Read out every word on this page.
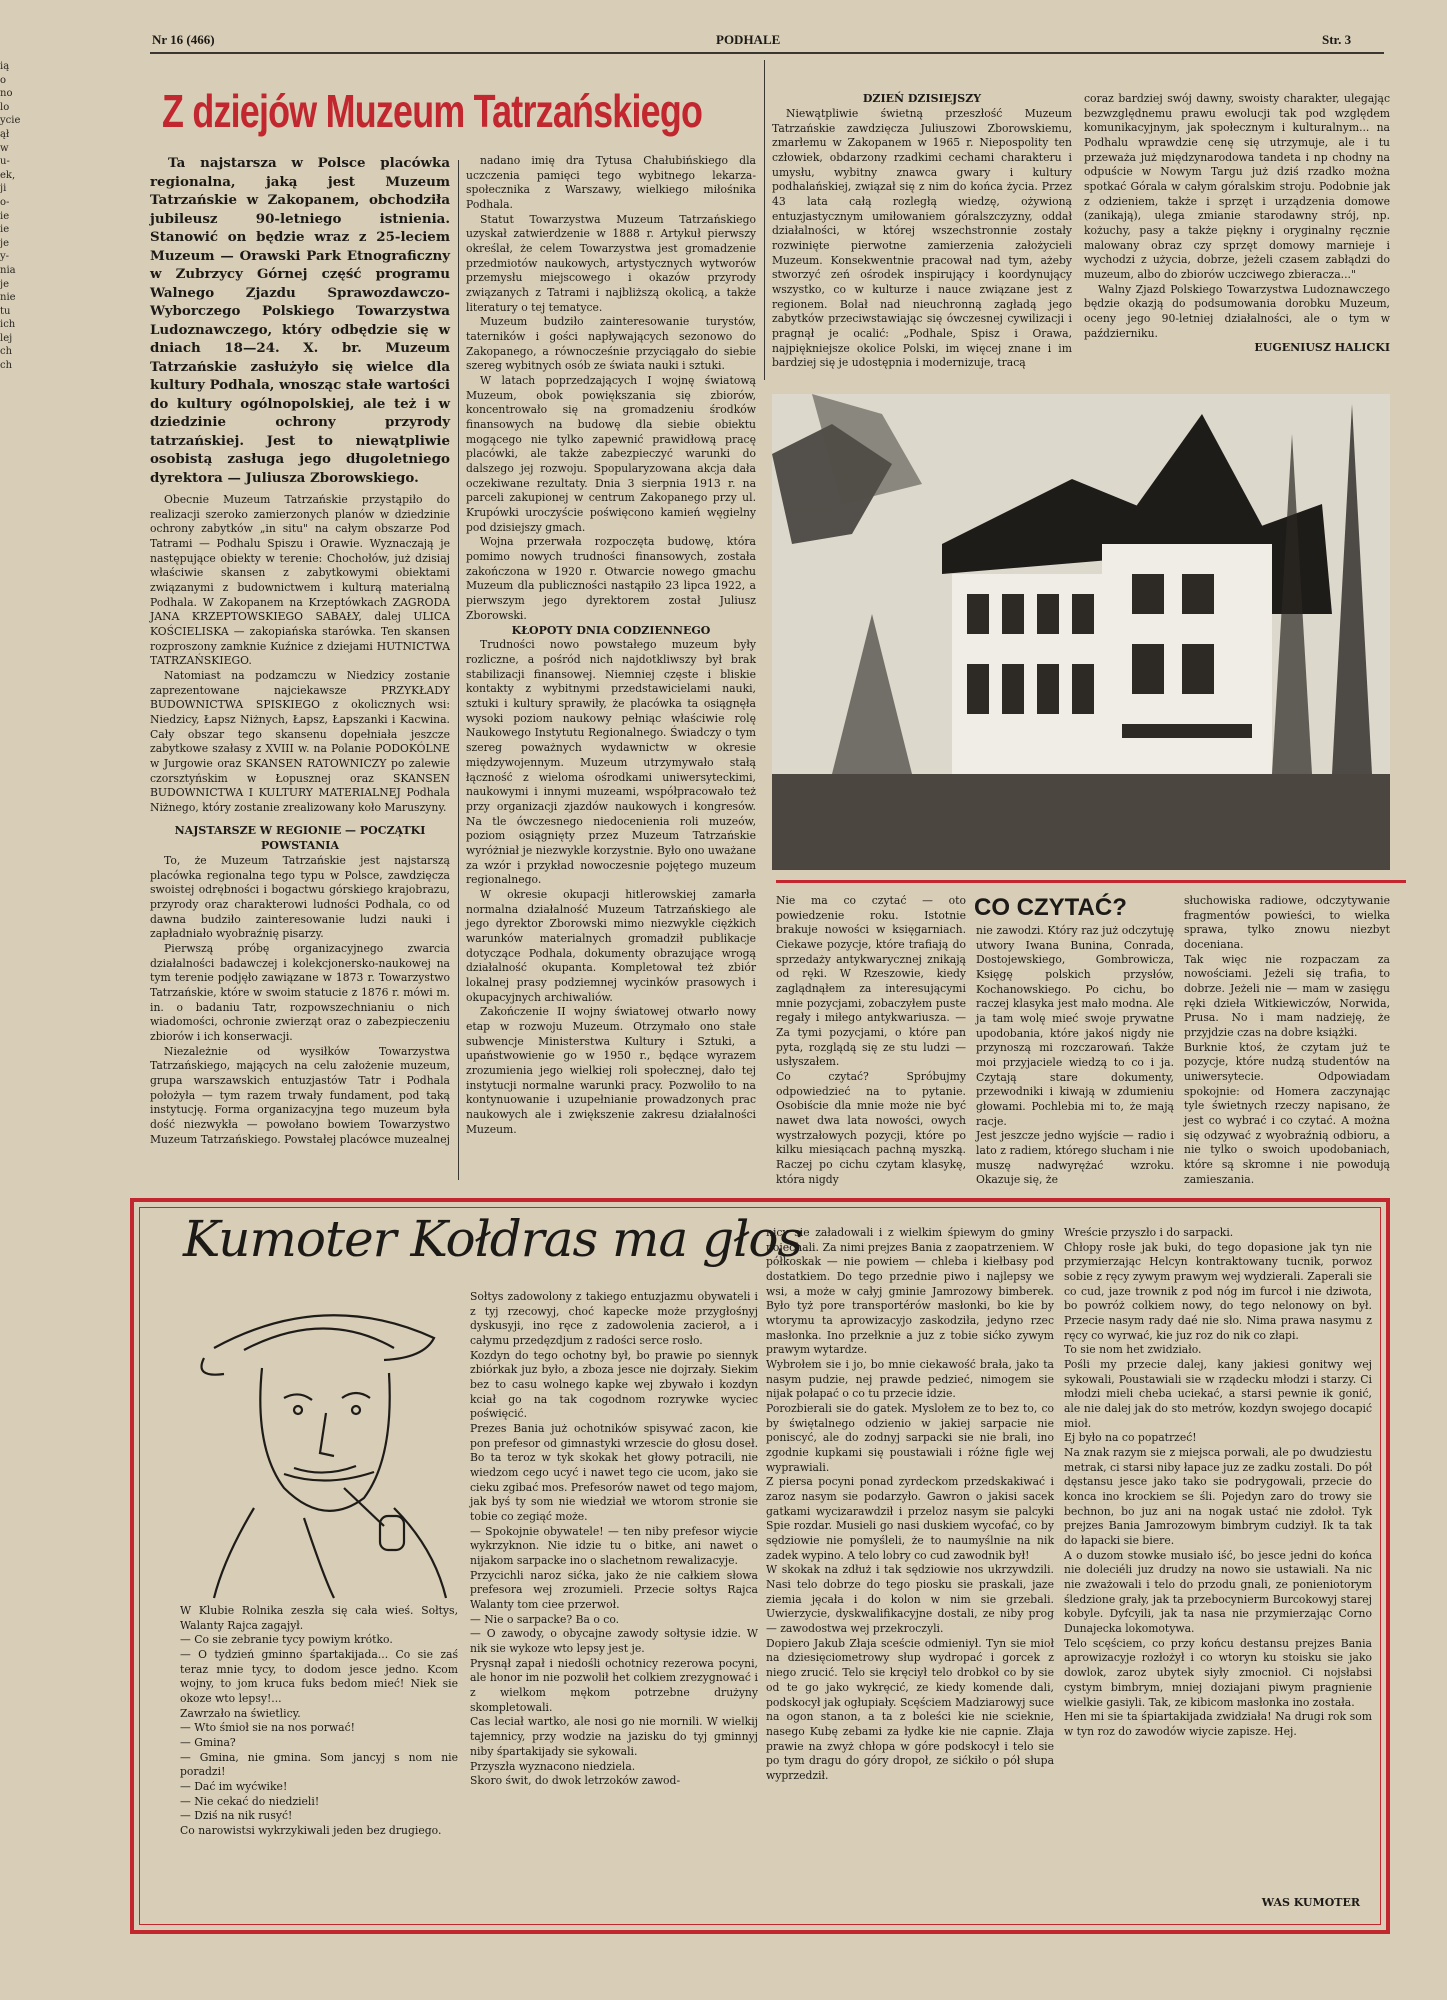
ią
o
no
lo
ycie
ął
w
u-
ek,
ji
o-
ie
ie
je
y-
nia
je
nie
tu
ich
lej
ch
ch
Nr 16 (466)	PODHALE	Str. 3
Z dziejów Muzeum Tatrzańskiego

Ta najstarsza w Polsce placówka regionalna, jaką jest Muzeum Tatrzańskie w Zakopanem, obchodziła jubileusz 90-letniego istnienia. Stanowić on będzie wraz z 25-leciem Muzeum — Orawski Park Etnograficzny w Zubrzycy Górnej część programu Walnego Zjazdu Sprawozdawczo-Wyborczego Polskiego Towarzystwa Ludoznawczego, który odbędzie się w dniach 18—24. X. br. Muzeum Tatrzańskie zasłużyło się wielce dla kultury Podhala, wnosząc stałe wartości do kultury ogólnopolskiej, ale też i w dziedzinie ochrony przyrody tatrzańskiej. Jest to niewątpliwie osobistą zasługa jego długoletniego dyrektora — Juliusza Zborowskiego.

Obecnie Muzeum Tatrzańskie przystąpiło do realizacji szeroko zamierzonych planów w dziedzinie ochrony zabytków „in situ" na całym obszarze Pod Tatrami — Podhalu Spiszu i Orawie. Wyznaczają je następujące obiekty w terenie: Chochołów, już dzisiaj właściwie skansen z zabytkowymi obiektami związanymi z budownictwem i kulturą materialną Podhala. W Zakopanem na Krzeptówkach ZAGRODA JANA KRZEPTOWSKIEGO SABAŁY, dalej ULICA KOŚCIELISKA — zakopiańska starówka. Ten skansen rozproszony zamknie Kuźnice z dziejami HUTNICTWA TATRZAŃSKIEGO.

Natomiast na podzamczu w Niedzicy zostanie zaprezentowane najciekawsze PRZYKŁADY BUDOWNICTWA SPISKIEGO z okolicznych wsi: Niedzicy, Łapsz Niżnych, Łapsz, Łapszanki i Kacwina. Cały obszar tego skansenu dopełniała jeszcze zabytkowe szałasy z XVIII w. na Polanie PODOKÓLNE w Jurgowie oraz SKANSEN RATOWNICZY po zalewie czorsztyńskim w Łopusznej oraz SKANSEN BUDOWNICTWA I KULTURY MATERIALNEJ Podhala Niżnego, który zostanie zrealizowany koło Maruszyny.

NAJSTARSZE W REGIONIE — POCZĄTKI POWSTANIA

To, że Muzeum Tatrzańskie jest najstarszą placówka regionalna tego typu w Polsce, zawdzięcza swoistej odrębności i bogactwu górskiego krajobrazu, przyrody oraz charakterowi ludności Podhala, co od dawna budziło zainteresowanie ludzi nauki i zapładniało wyobraźnię pisarzy.

Pierwszą próbę organizacyjnego zwarcia działalności badawczej i kolekcjonersko-naukowej na tym terenie podjęło zawiązane w 1873 r. Towarzystwo Tatrzańskie, które w swoim statucie z 1876 r. mówi m. in. o badaniu Tatr, rozpowszechnianiu o nich wiadomości, ochronie zwierząt oraz o zabezpieczeniu zbiorów i ich konserwacji.

Niezależnie od wysiłków Towarzystwa Tatrzańskiego, mających na celu założenie muzeum, grupa warszawskich entuzjastów Tatr i Podhala położyła — tym razem trwały fundament, pod taką instytucję. Forma organizacyjna tego muzeum była dość niezwykła — powołano bowiem Towarzystwo Muzeum Tatrzańskiego. Powstałej placówce muzealnej

nadano imię dra Tytusa Chałubińskiego dla uczczenia pamięci tego wybitnego lekarza-społecznika z Warszawy, wielkiego miłośnika Podhala.

Statut Towarzystwa Muzeum Tatrzańskiego uzyskał zatwierdzenie w 1888 r. Artykuł pierwszy określał, że celem Towarzystwa jest gromadzenie przedmiotów naukowych, artystycznych wytworów przemysłu miejscowego i okazów przyrody związanych z Tatrami i najbliższą okolicą, a także literatury o tej tematyce.

Muzeum budziło zainteresowanie turystów, taterników i gości napływających sezonowo do Zakopanego, a równocześnie przyciągało do siebie szereg wybitnych osób ze świata nauki i sztuki.

W latach poprzedzających I wojnę światową Muzeum, obok powiększania się zbiorów, koncentrowało się na gromadzeniu środków finansowych na budowę dla siebie obiektu mogącego nie tylko zapewnić prawidłową pracę placówki, ale także zabezpieczyć warunki do dalszego jej rozwoju. Spopularyzowana akcja dała oczekiwane rezultaty. Dnia 3 sierpnia 1913 r. na parceli zakupionej w centrum Zakopanego przy ul. Krupówki uroczyście poświęcono kamień węgielny pod dzisiejszy gmach.

Wojna przerwała rozpoczęta budowę, która pomimo nowych trudności finansowych, została zakończona w 1920 r. Otwarcie nowego gmachu Muzeum dla publiczności nastąpiło 23 lipca 1922, a pierwszym jego dyrektorem został Juliusz Zborowski.

KŁOPOTY DNIA CODZIENNEGO

Trudności nowo powstałego muzeum były rozliczne, a pośród nich najdotkliwszy był brak stabilizacji finansowej. Niemniej częste i bliskie kontakty z wybitnymi przedstawicielami nauki, sztuki i kultury sprawiły, że placówka ta osiągnęła wysoki poziom naukowy pełniąc właściwie rolę Naukowego Instytutu Regionalnego. Świadczy o tym szereg poważnych wydawnictw w okresie międzywojennym. Muzeum utrzymywało stałą łączność z wieloma ośrodkami uniwersyteckimi, naukowymi i innymi muzeami, współpracowało też przy organizacji zjazdów naukowych i kongresów. Na tle ówczesnego niedocenienia roli muzeów, poziom osiągnięty przez Muzeum Tatrzańskie wyróżniał je niezwykle korzystnie. Było ono uważane za wzór i przykład nowoczesnie pojętego muzeum regionalnego.

W okresie okupacji hitlerowskiej zamarła normalna działalność Muzeum Tatrzańskiego ale jego dyrektor Zborowski mimo niezwykle ciężkich warunków materialnych gromadził publikacje dotyczące Podhala, dokumenty obrazujące wrogą działalność okupanta. Kompletował też zbiór lokalnej prasy podziemnej wycinków prasowych i okupacyjnych archiwaliów.

Zakończenie II wojny światowej otwarło nowy etap w rozwoju Muzeum. Otrzymało ono stałe subwencje Ministerstwa Kultury i Sztuki, a upaństwowienie go w 1950 r., będące wyrazem zrozumienia jego wielkiej roli społecznej, dało tej instytucji normalne warunki pracy. Pozwoliło to na kontynuowanie i uzupełnianie prowadzonych prac naukowych ale i zwiększenie zakresu działalności Muzeum.

DZIEŃ DZISIEJSZY

Niewątpliwie świetną przeszłość Muzeum Tatrzańskie zawdzięcza Juliuszowi Zborowskiemu, zmarłemu w Zakopanem w 1965 r. Niepospolity ten człowiek, obdarzony rzadkimi cechami charakteru i umysłu, wybitny znawca gwary i kultury podhalańskiej, związał się z nim do końca życia. Przez 43 lata całą rozległą wiedzę, ożywioną entuzjastycznym umiłowaniem góralszczyzny, oddał działalności, w której wszechstronnie zostały rozwinięte pierwotne zamierzenia założycieli Muzeum. Konsekwentnie pracował nad tym, ażeby stworzyć zeń ośrodek inspirujący i koordynujący wszystko, co w kulturze i nauce związane jest z regionem. Bolał nad nieuchronną zagładą jego zabytków przeciwstawiając się ówczesnej cywilizacji i pragnął je ocalić: „Podhale, Spisz i Orawa, najpiękniejsze okolice Polski, im więcej znane i im bardziej się je udostępnia i modernizuje, tracą

coraz bardziej swój dawny, swoisty charakter, ulegając bezwzględnemu prawu ewolucji tak pod względem komunikacyjnym, jak społecznym i kulturalnym... na Podhalu wprawdzie cenę się utrzymuje, ale i tu przeważa już międzynarodowa tandeta i np chodny na odpuście w Nowym Targu już dziś rzadko można spotkać Górala w całym góralskim stroju. Podobnie jak z odzieniem, także i sprzęt i urządzenia domowe (zanikają), ulega zmianie starodawny strój, np. kożuchy, pasy a także piękny i oryginalny ręcznie malowany obraz czy sprzęt domowy marnieje i wychodzi z użycia, dobrze, jeżeli czasem zabłądzi do muzeum, albo do zbiorów uczciwego zbieracza..."

Walny Zjazd Polskiego Towarzystwa Ludoznawczego będzie okazją do podsumowania dorobku Muzeum, oceny jego 90-letniej działalności, ale o tym w październiku.

EUGENIUSZ HALICKI
Nie ma co czytać — oto powiedzenie roku. Istotnie brakuje nowości w księgarniach. Ciekawe pozycje, które trafiają do sprzedaży antykwarycznej znikają od ręki. W Rzeszowie, kiedy zaglądnąłem za interesującymi mnie pozycjami, zobaczyłem puste regały i miłego antykwariusza. — Za tymi pozycjami, o które pan pyta, rozglądą się ze stu ludzi — usłyszałem.
Co czytać? Spróbujmy odpowiedzieć na to pytanie. Osobiście dla mnie może nie być nawet dwa lata nowości, owych wystrzałowych pozycji, które po kilku miesiącach pachną myszką. Raczej po cichu czytam klasykę, która nigdy
CO CZYTAĆ?
nie zawodzi. Który raz już odczytuję utwory Iwana Bunina, Conrada, Dostojewskiego, Gombrowicza, Księgę polskich przysłów, Kochanowskiego. Po cichu, bo raczej klasyka jest mało modna. Ale ja tam wolę mieć swoje prywatne upodobania, które jakoś nigdy nie przynoszą mi rozczarowań. Także moi przyjaciele wiedzą to co i ja. Czytają stare dokumenty, przewodniki i kiwają w zdumieniu głowami. Pochlebia mi to, że mają racje.
Jest jeszcze jedno wyjście — radio i lato z radiem, którego słucham i nie muszę nadwyrężać wzroku. Okazuje się, że
słuchowiska radiowe, odczytywanie fragmentów powieści, to wielka sprawa, tylko znowu niezbyt doceniana.
Tak więc nie rozpaczam za nowościami. Jeżeli się trafia, to dobrze. Jeżeli nie — mam w zasięgu ręki dzieła Witkiewiczów, Norwida, Prusa. No i mam nadzieję, że przyjdzie czas na dobre książki.
Burknie ktoś, że czytam już te pozycje, które nudzą studentów na uniwersytecie. Odpowiadam spokojnie: od Homera zaczynając tyle świetnych rzeczy napisano, że jest co wybrać i co czytać. A można się odzywać z wyobraźnią odbioru, a nie tylko o swoich upodobaniach, które są skromne i nie powodują zamieszania.
Kumoter Kołdras ma głos
W Klubie Rolnika zeszła się cała wieś. Sołtys, Walanty Rajca zagajył.
— Co sie zebranie tycy powiym krótko.
— O tydzień gminno śpartakijada... Co sie zaś teraz mnie tycy, to dodom jesce jedno. Kcom wojny, to jom kruca fuks bedom mieć! Niek sie okoze wto lepsy!...
Zawrzało na świetlicy.
— Wto śmioł sie na nos porwać!
— Gmina?
— Gmina, nie gmina. Som jancyj s nom nie poradzi!
— Dać im wyćwike!
— Nie cekać do niedzieli!
— Dziś na nik rusyć!
Co narowistsi wykrzykiwali jeden bez drugiego.
Sołtys zadowolony z takiego entuzjazmu obywateli i z tyj rzecowyj, choć kapecke może przygłośnyj dyskusyji, ino ręce z zadowolenia zacieroł, a i całymu przedęzdjum z radości serce rosło.
Kozdyn do tego ochotny był, bo prawie po siennyk zbiórkak juz było, a zboza jesce nie dojrzały. Siekim bez to casu wolnego kapke wej zbywało i kozdyn kciał go na tak cogodnom rozrywke wyciec poświęcić.
Prezes Bania już ochotników spisywać zacon, kie pon prefesor od gimnastyki wrzescie do głosu doseł. Bo ta teroz w tyk skokak het głowy potracili, nie wiedzom cego ucyć i nawet tego cie ucom, jako sie cieku zgibać mos. Prefesorów nawet od tego majom, jak byś ty som nie wiedział we wtorom stronie sie tobie co zegiąć może.
— Spokojnie obywatele! — ten niby prefesor wiycie wykrzyknon. Nie idzie tu o bitke, ani nawet o nijakom sarpacke ino o slachetnom rewalizacyje.
Przycichli naroz sićka, jako że nie całkiem słowa prefesora wej zrozumieli. Przecie sołtys Rajca Walanty tom ciee przerwoł.
— Nie o sarpacke? Ba o co.
— O zawody, o obycajne zawody sołtysie idzie. W nik sie wykoze wto lepsy jest je.
Prysnął zapał i niedośli ochotnicy rezerowa pocyni, ale honor im nie pozwolił het colkiem zrezygnować i z wielkom mękom potrzebne drużyny skompletowali.
Cas leciał wartko, ale nosi go nie mornili. W wielkij tajemnicy, przy wodzie na jazisku do tyj gminnyj niby śpartakijady sie sykowali.
Przyszła wyznacono niedziela.
Skoro świt, do dwok letrzoków zawod-
nicy sie załadowali i z wielkim śpiewym do gminy pojechali. Za nimi prejzes Bania z zaopatrzeniem. W półkoskak — nie powiem — chleba i kiełbasy pod dostatkiem. Do tego przednie piwo i najlepsy we wsi, a może w całyj gminie Jamrozowy bimberek. Było tyż pore transportérów masłonki, bo kie by wtorymu ta aprowizacyjo zaskodziła, jedyno rzec masłonka. Ino przełknie a juz z tobie sićko zywym prawym wytardze.
Wybrołem sie i jo, bo mnie ciekawość brała, jako ta nasym pudzie, nej prawde pedzieć, nimogem sie nijak połapać o co tu przecie idzie.
Porozbierali sie do gatek. Myslołem ze to bez to, co by świętalnego odzienio w jakiej sarpacie nie poniscyć, ale do zodnyj sarpacki sie nie brali, ino zgodnie kupkami się poustawiali i różne figle wej wyprawiali.
Z piersa pocyni ponad zyrdeckom przedskakiwać i zaroz nasym sie podarzyło. Gawron o jakisi sacek gatkami wycizarawdził i przeloz nasym sie palcyki Spie rozdar. Musieli go nasi duskiem wycofać, co by sędziowie nie pomyśleli, że to naumyślnie na nik zadek wypino. A telo lobry co cud zawodnik był!
W skokak na zdłuż i tak sędziowie nos ukrzywdzili. Nasi telo dobrze do tego piosku sie praskali, jaze ziemia jęcała i do kolon w nim sie grzebali. Uwierzycie, dyskwalifikacyjne dostali, ze niby prog — zawodostwa wej przekroczyli.
Dopiero Jakub Złaja sceście odmieniył. Tyn sie mioł na dziesięciometrowy słup wydropać i gorcek z niego zrucić. Telo sie kręciył telo drobkoł co by sie od te go jako wykręcić, ze kiedy komende dali, podskocył jak ogłupiały. Scęściem Madziarowyj suce na ogon stanon, a ta z boleści kie nie scieknie, nasego Kubę zebami za łydke kie nie capnie. Złaja prawie na zwyż chłopa w góre podskocył i telo sie po tym dragu do góry dropoł, ze sićkiło o pół słupa wyprzedził.
Wreście przyszło i do sarpacki.
Chłopy rosłe jak buki, do tego dopasione jak tyn nie przymierzając Helcyn kontraktowany tucnik, porwoz sobie z ręcy zywym prawym wej wydzierali. Zaperali sie co cud, jaze trownik z pod nóg im furcoł i nie dziwota, bo powróż colkiem nowy, do tego nelonowy on był. Przecie nasym rady daé nie sło. Nima prawa nasymu z ręcy co wyrwać, kie juz roz do nik co złapi.
To sie nom het zwidziało.
Pośli my przecie dalej, kany jakiesi gonitwy wej sykowali, Poustawiali sie w rządecku młodzi i starzy. Ci młodzi mieli cheba uciekać, a starsi pewnie ik gonić, ale nie dalej jak do sto metrów, kozdyn swojego docapić mioł.
Ej było na co popatrzeć!
Na znak razym sie z miejsca porwali, ale po dwudziestu metrak, ci starsi niby łapace juz ze zadku zostali. Do pół dęstansu jesce jako tako sie podrygowali, przecie do konca ino krockiem se śli. Pojedyn zaro do trowy sie bechnon, bo juz ani na nogak ustać nie zdołoł. Tyk prejzes Bania Jamrozowym bimbrym cudziył. Ik ta tak do łapacki sie biere.
A o duzom stowke musiało iść, bo jesce jedni do końca nie doleciéli juz drudzy na nowo sie ustawiali. Na nic nie zważowali i telo do przodu gnali, ze ponieniotorym śledzione grały, jak ta przebocynierm Burcokowyj starej kobyle. Dyfcyili, jak ta nasa nie przymierzając Corno Dunajecka lokomotywa.
Telo scęściem, co przy końcu destansu prejzes Bania aprowizacyje rozłożył i co wtoryn ku stoisku sie jako dowlok, zaroz ubytek siyły zmocnioł. Ci nojsłabsi cystym bimbrym, mniej doziajani piwym pragnienie wielkie gasiyli. Tak, ze kibicom masłonka ino została.
Hen mi sie ta śpiartakijada zwidziała! Na drugi rok som w tyn roz do zawodów wiycie zapisze. Hej.
WAS KUMOTER
